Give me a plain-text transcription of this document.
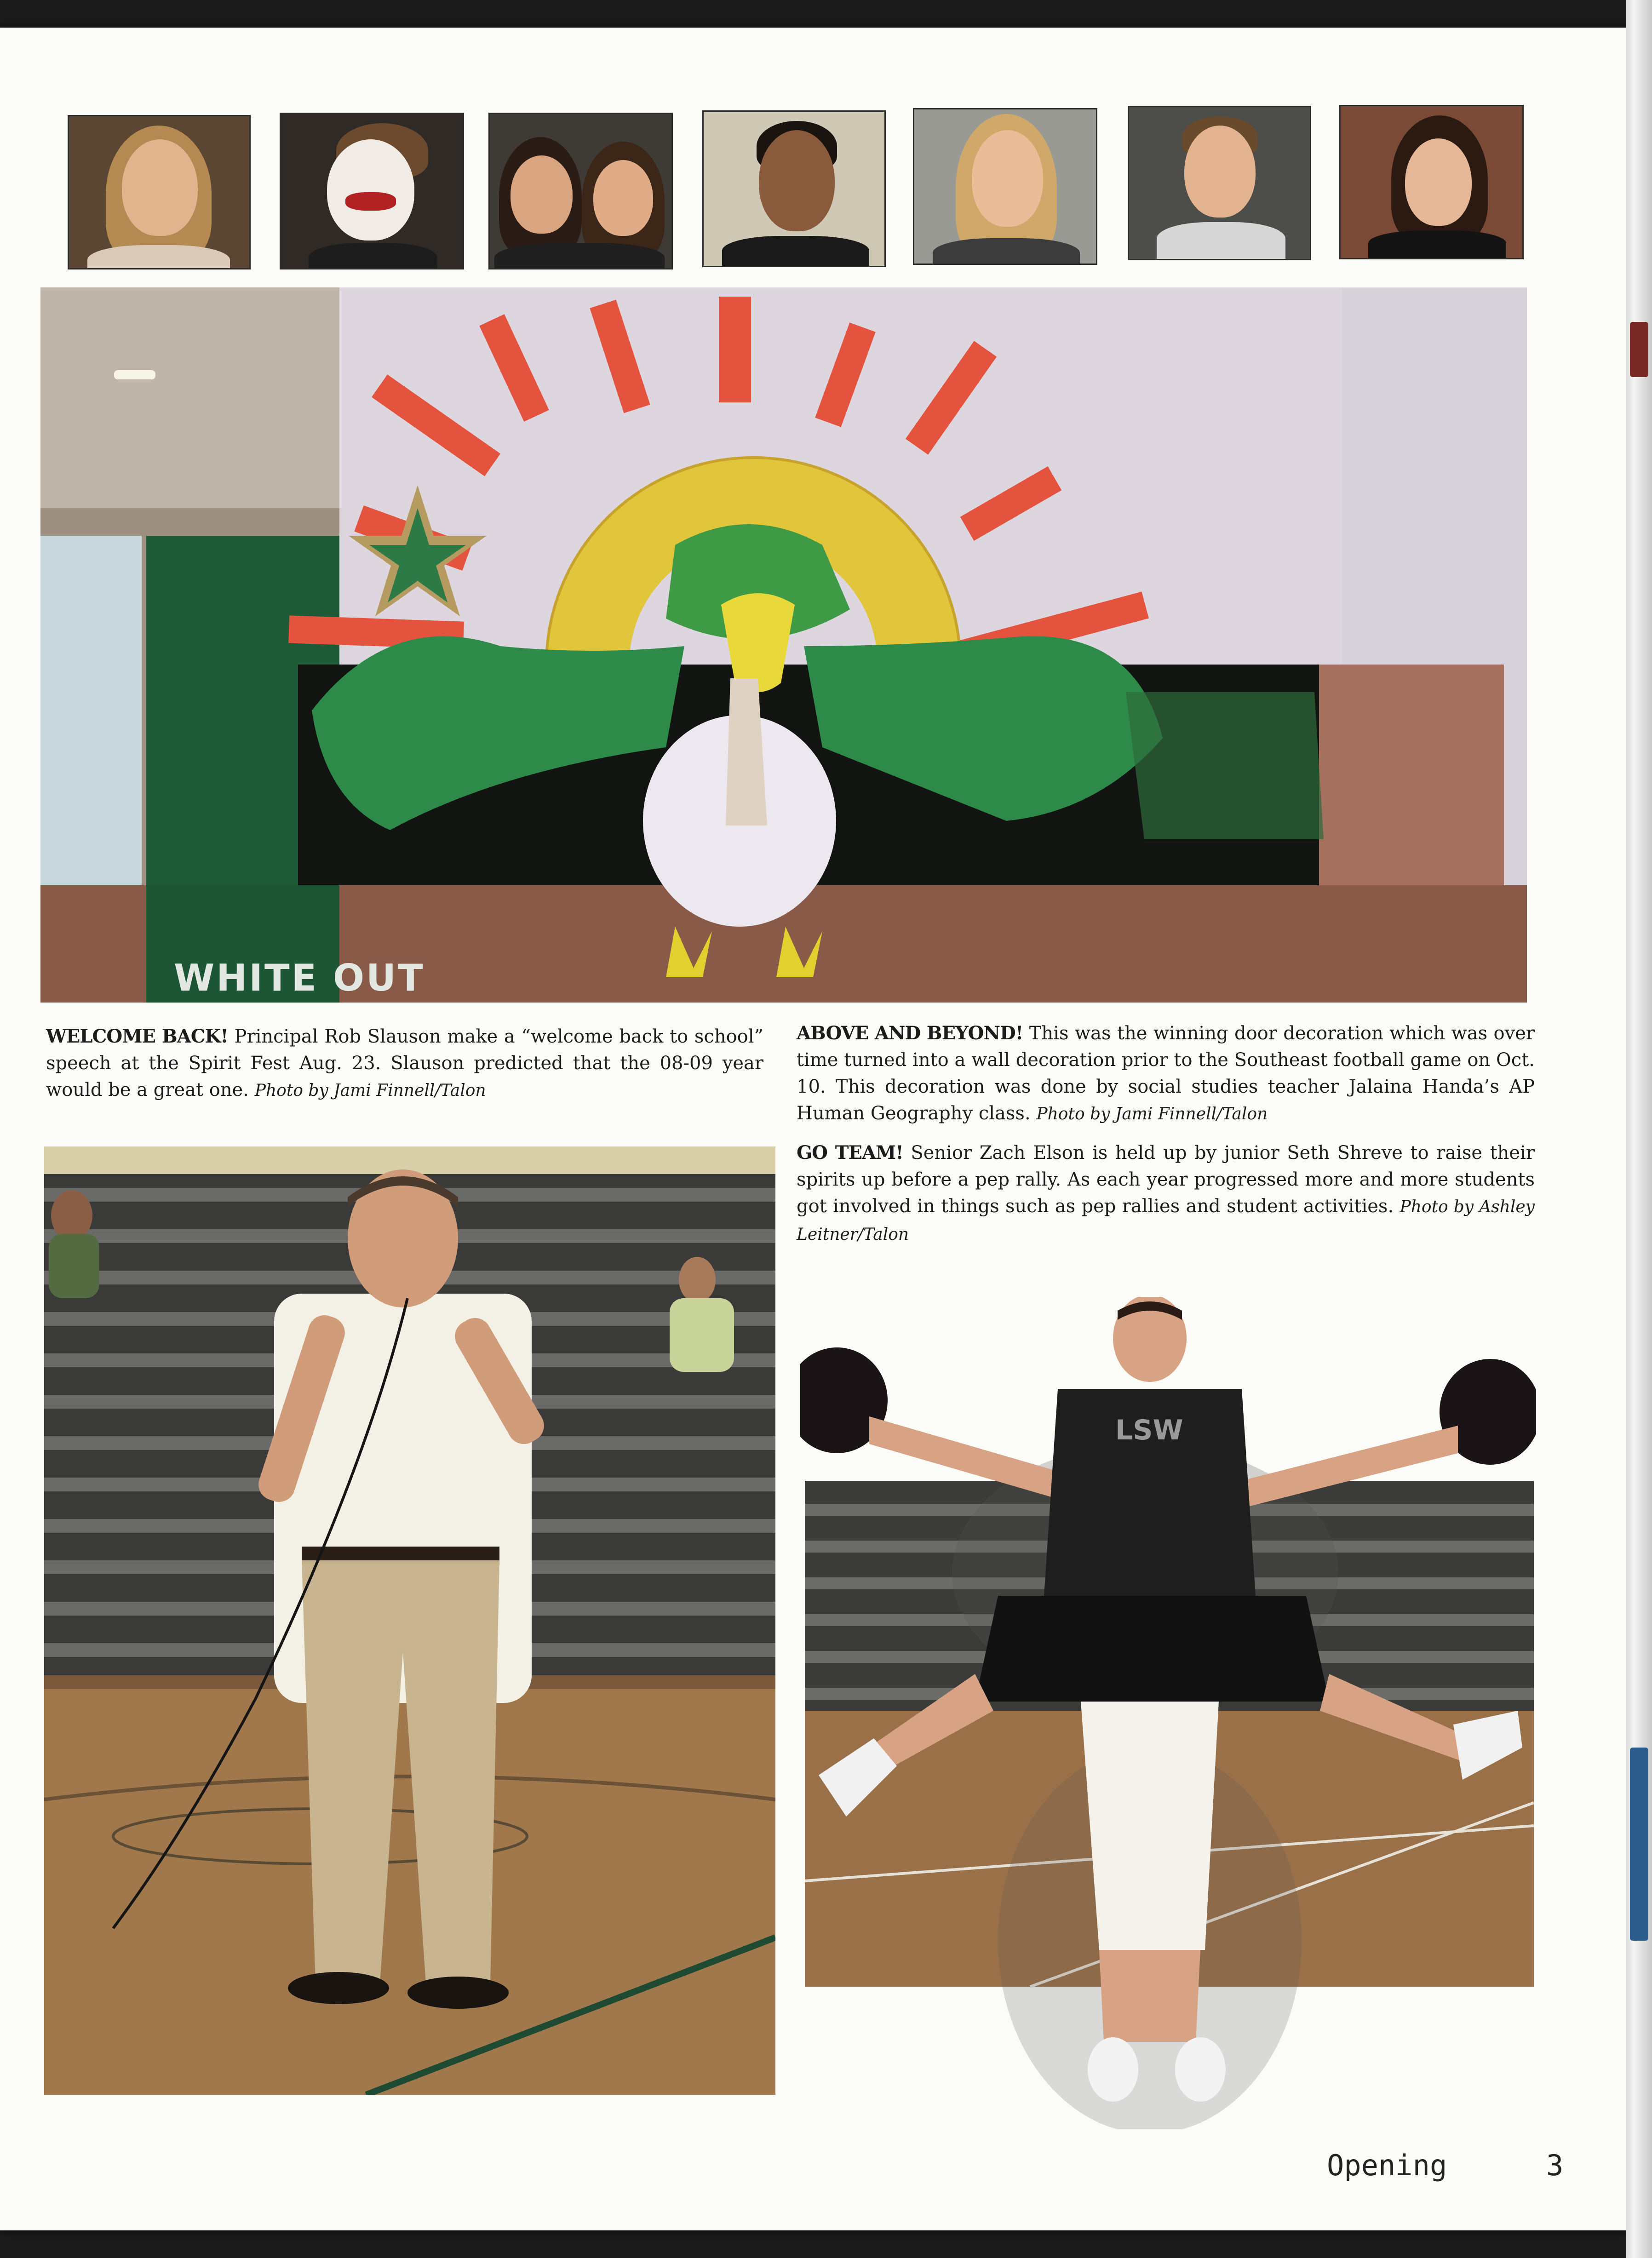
WHITE OUT
WELCOME BACK! Principal Rob Slauson make a “welcome back to school” speech at the Spirit Fest Aug. 23. Slauson predicted that the 08-09 year would be a great one. Photo by Jami Finnell/Talon
ABOVE AND BEYOND! This was the winning door decoration which was over time turned into a wall decoration prior to the Southeast football game on Oct. 10. This decoration was done by social studies teacher Jalaina Handa’s AP Human Geography class. Photo by Jami Finnell/Talon
GO TEAM! Senior Zach Elson is held up by junior Seth Shreve to raise their spirits up before a pep rally. As each year progressed more and more students got involved in things such as pep rallies and student activities. Photo by Ashley Leitner/Talon
LSW
Opening	3
